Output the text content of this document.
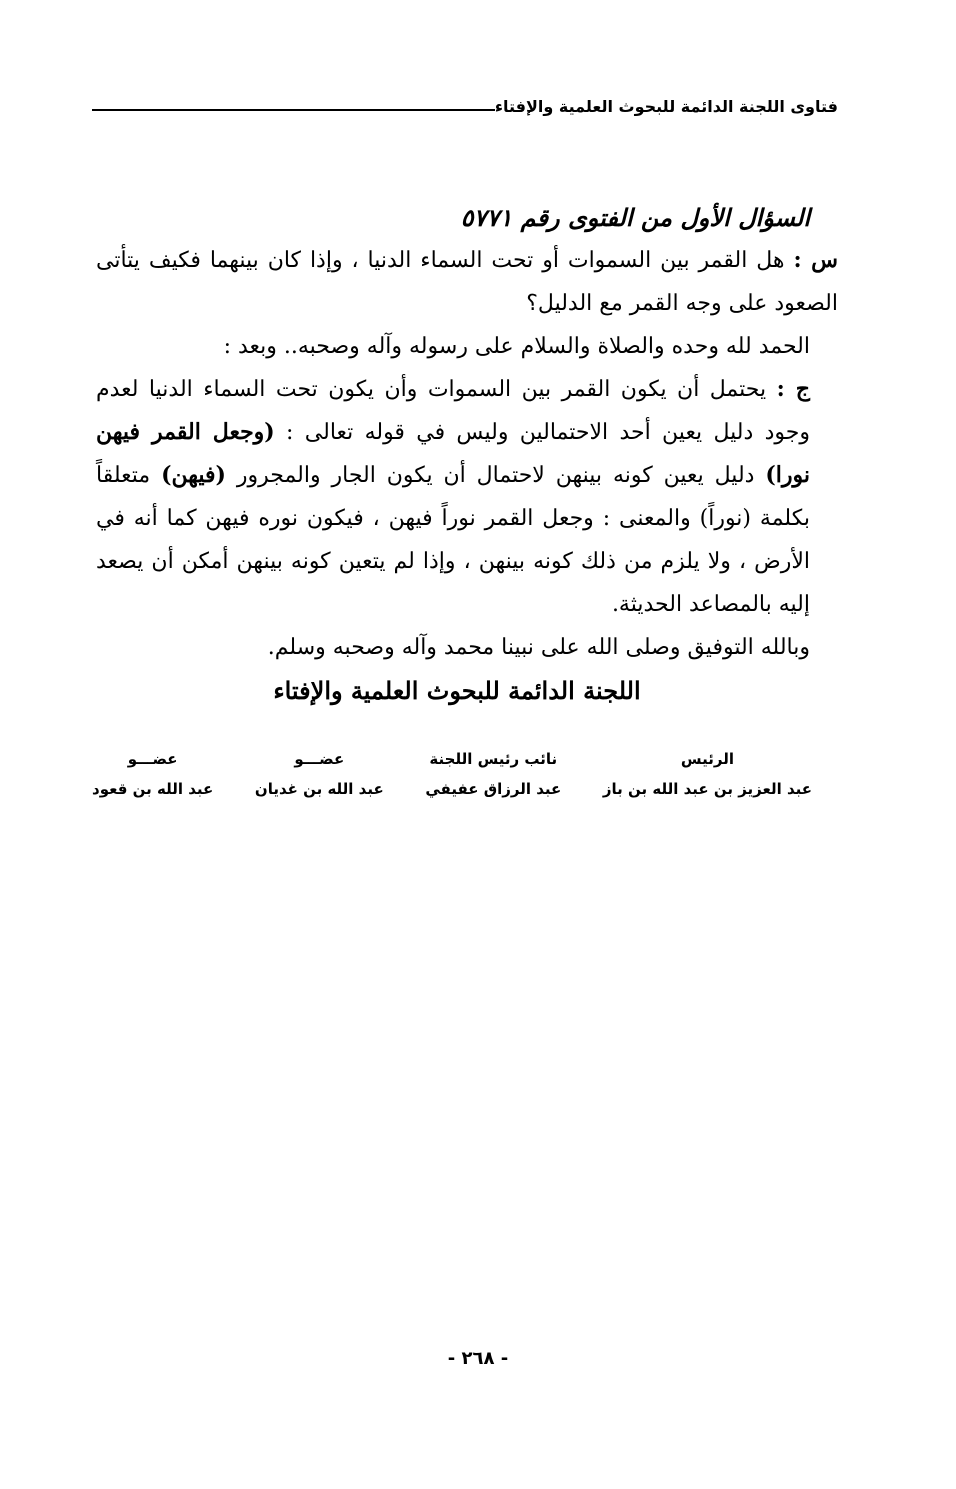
فتاوى اللجنة الدائمة للبحوث العلمية والإفتاء

السؤال الأول من الفتوى رقم ٥٧٧١

س : هل القمر بين السموات أو تحت السماء الدنيا ، وإذا كان بينهما فكيف يتأتى الصعود على وجه القمر مع الدليل؟

الحمد لله وحده والصلاة والسلام على رسوله وآله وصحبه.. وبعد :

ج : يحتمل أن يكون القمر بين السموات وأن يكون تحت السماء الدنيا لعدم وجود دليل يعين أحد الاحتمالين وليس في قوله تعالى : (وجعل القمر فيهن نورا) دليل يعين كونه بينهن لاحتمال أن يكون الجار والمجرور (فيهن) متعلقاً بكلمة (نوراً) والمعنى : وجعل القمر نوراً فيهن ، فيكون نوره فيهن كما أنه في الأرض ، ولا يلزم من ذلك كونه بينهن ، وإذا لم يتعين كونه بينهن أمكن أن يصعد إليه بالمصاعد الحديثة.

وبالله التوفيق وصلى الله على نبينا محمد وآله وصحبه وسلم.

اللجنة الدائمة للبحوث العلمية والإفتاء

الرئيس
عبد العزيز بن عبد الله بن باز
نائب رئيس اللجنة
عبد الرزاق عفيفي
عضـــو
عبد الله بن غديان
عضـــو
عبد الله بن قعود
- ٢٦٨ -
